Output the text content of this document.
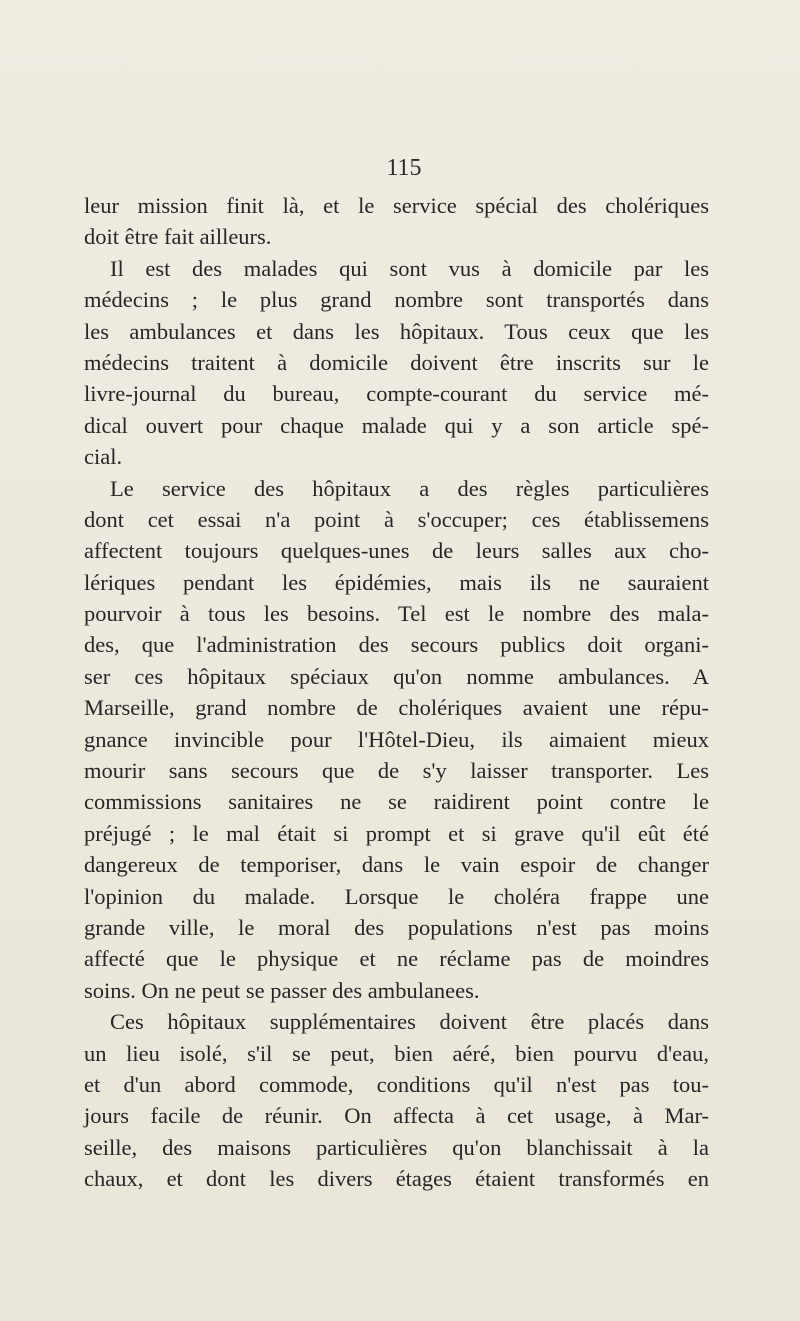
115
leur mission finit là, et le service spécial des cholériques
doit être fait ailleurs.
Il est des malades qui sont vus à domicile par les
médecins ; le plus grand nombre sont transportés dans
les ambulances et dans les hôpitaux. Tous ceux que les
médecins traitent à domicile doivent être inscrits sur le
livre-journal du bureau, compte-courant du service mé-
dical ouvert pour chaque malade qui y a son article spé-
cial.
Le service des hôpitaux a des règles particulières
dont cet essai n'a point à s'occuper; ces établissemens
affectent toujours quelques-unes de leurs salles aux cho-
lériques pendant les épidémies, mais ils ne sauraient
pourvoir à tous les besoins. Tel est le nombre des mala-
des, que l'administration des secours publics doit organi-
ser ces hôpitaux spéciaux qu'on nomme ambulances. A
Marseille, grand nombre de cholériques avaient une répu-
gnance invincible pour l'Hôtel-Dieu, ils aimaient mieux
mourir sans secours que de s'y laisser transporter. Les
commissions sanitaires ne se raidirent point contre le
préjugé ; le mal était si prompt et si grave qu'il eût été
dangereux de temporiser, dans le vain espoir de changer
l'opinion du malade. Lorsque le choléra frappe une
grande ville, le moral des populations n'est pas moins
affecté que le physique et ne réclame pas de moindres
soins. On ne peut se passer des ambulanees.
Ces hôpitaux supplémentaires doivent être placés dans
un lieu isolé, s'il se peut, bien aéré, bien pourvu d'eau,
et d'un abord commode, conditions qu'il n'est pas tou-
jours facile de réunir. On affecta à cet usage, à Mar-
seille, des maisons particulières qu'on blanchissait à la
chaux, et dont les divers étages étaient transformés en
